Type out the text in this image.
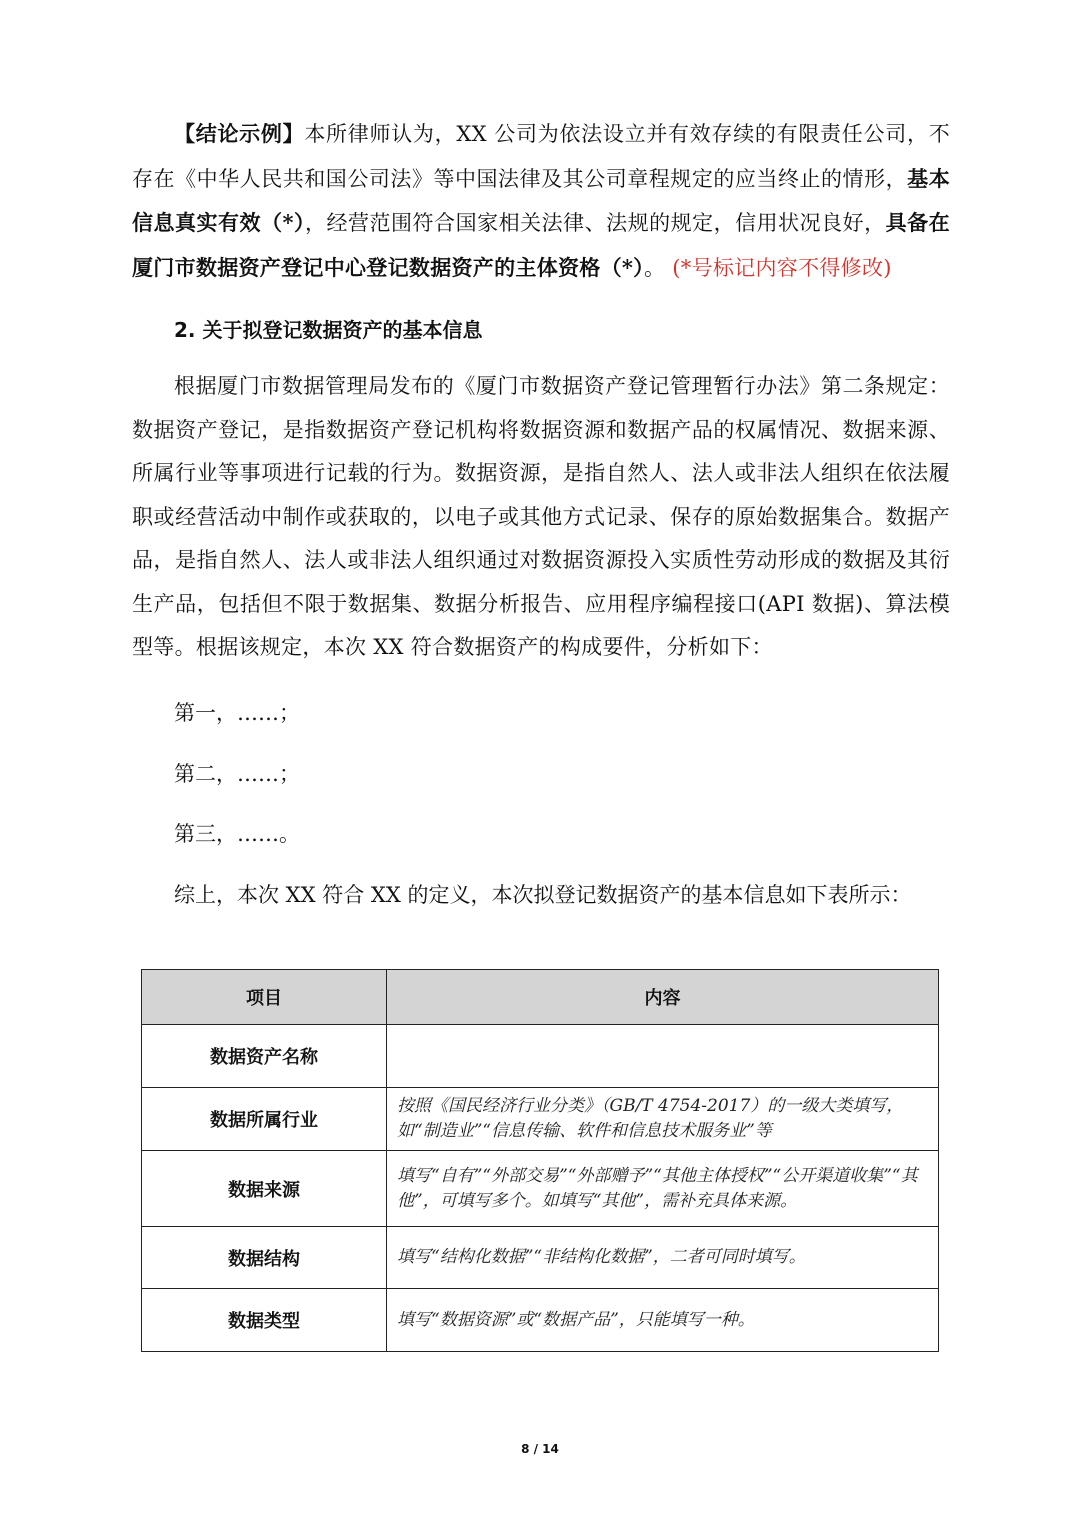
【结论示例】本所律师认为，XX 公司为依法设立并有效存续的有限责任公司，不存在《中华人民共和国公司法》等中国法律及其公司章程规定的应当终止的情形，基本信息真实有效（*），经营范围符合国家相关法律、法规的规定，信用状况良好，具备在厦门市数据资产登记中心登记数据资产的主体资格（*）。 (*号标记内容不得修改)

2. 关于拟登记数据资产的基本信息

根据厦门市数据管理局发布的《厦门市数据资产登记管理暂行办法》第二条规定：数据资产登记，是指数据资产登记机构将数据资源和数据产品的权属情况、数据来源、所属行业等事项进行记载的行为。数据资源，是指自然人、法人或非法人组织在依法履职或经营活动中制作或获取的，以电子或其他方式记录、保存的原始数据集合。数据产品，是指自然人、法人或非法人组织通过对数据资源投入实质性劳动形成的数据及其衍生产品，包括但不限于数据集、数据分析报告、应用程序编程接口(API 数据)、算法模型等。根据该规定，本次 XX 符合数据资产的构成要件，分析如下：

第一，……；

第二，……；

第三，……。

综上，本次 XX 符合 XX 的定义，本次拟登记数据资产的基本信息如下表所示：

项目	内容
数据资产名称	
数据所属行业	按照《国民经济行业分类》（GB/T 4754-2017）的一级大类填写，如“制造业”“信息传输、软件和信息技术服务业”等
数据来源	填写“自有”“外部交易”“外部赠予”“其他主体授权”“公开渠道收集”“其他”，可填写多个。如填写“其他”，需补充具体来源。
数据结构	填写“结构化数据”“非结构化数据”，二者可同时填写。
数据类型	填写“数据资源”或“数据产品”，只能填写一种。
8 / 14
